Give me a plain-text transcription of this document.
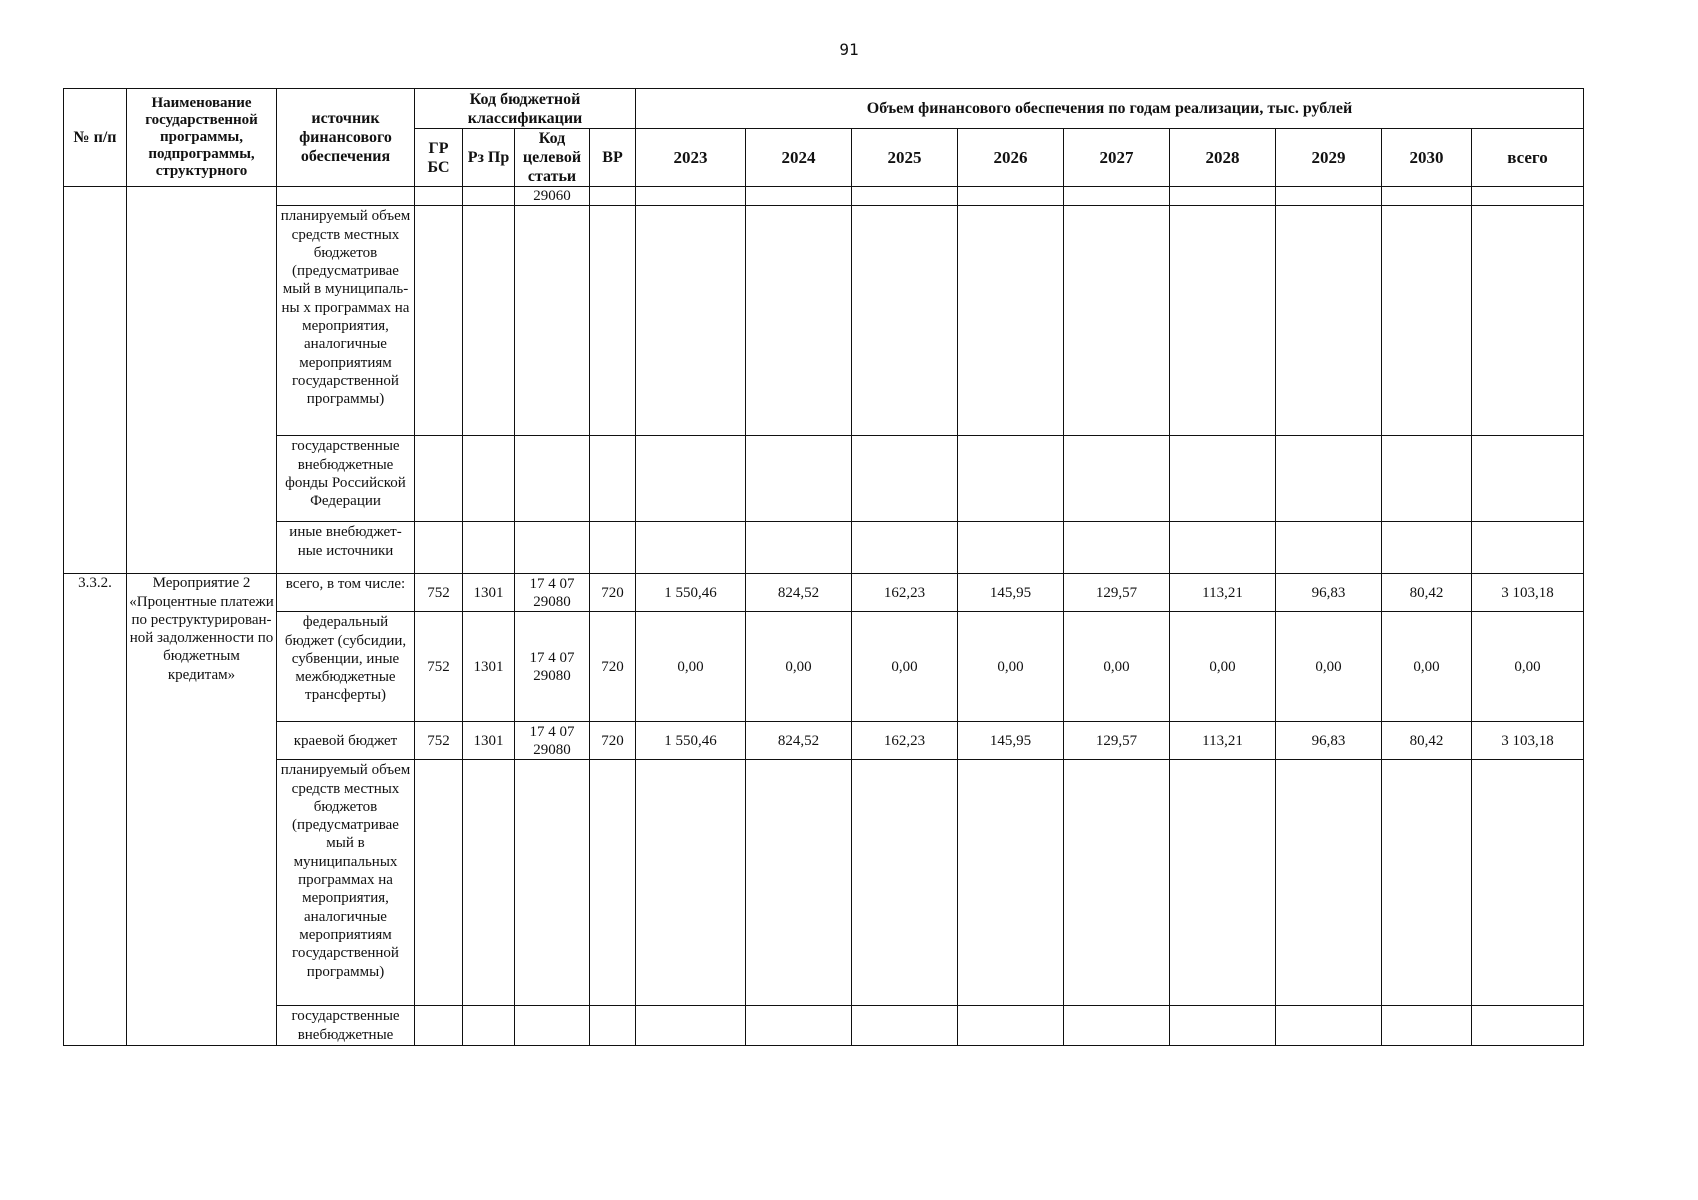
91
№ п/п	Наименование государственной программы, подпрограммы, структурного	источник финансового обеспечения	Код бюджетной классификации				Объем финансового обеспечения по годам реализации, тыс. рублей								
			ГР БС	Рз Пр	Код целевой статьи	ВР	2023	2024	2025	2026	2027	2028	2029	2030	всего
					29060										
		планируемый объем средств местных бюджетов (предусматривае мый в муниципаль-ны х программах на мероприятия, аналогичные мероприятиям государственной программы)													
		государственные внебюджетные фонды Российской Федерации													
		иные внебюджет-ные источники													
3.3.2.	Мероприятие 2 «Процентные платежи по реструктурирован-ной задолженности по бюджетным кредитам»	всего, в том числе:	752	1301	17 4 07 29080	720	1 550,46	824,52	162,23	145,95	129,57	113,21	96,83	80,42	3 103,18
		федеральный бюджет (субсидии, субвенции, иные межбюджетные трансферты)	752	1301	17 4 07 29080	720	0,00	0,00	0,00	0,00	0,00	0,00	0,00	0,00	0,00
		краевой бюджет	752	1301	17 4 07 29080	720	1 550,46	824,52	162,23	145,95	129,57	113,21	96,83	80,42	3 103,18
		планируемый объем средств местных бюджетов (предусматривае мый в муниципальных программах на мероприятия, аналогичные мероприятиям государственной программы)													
		государственные внебюджетные													
